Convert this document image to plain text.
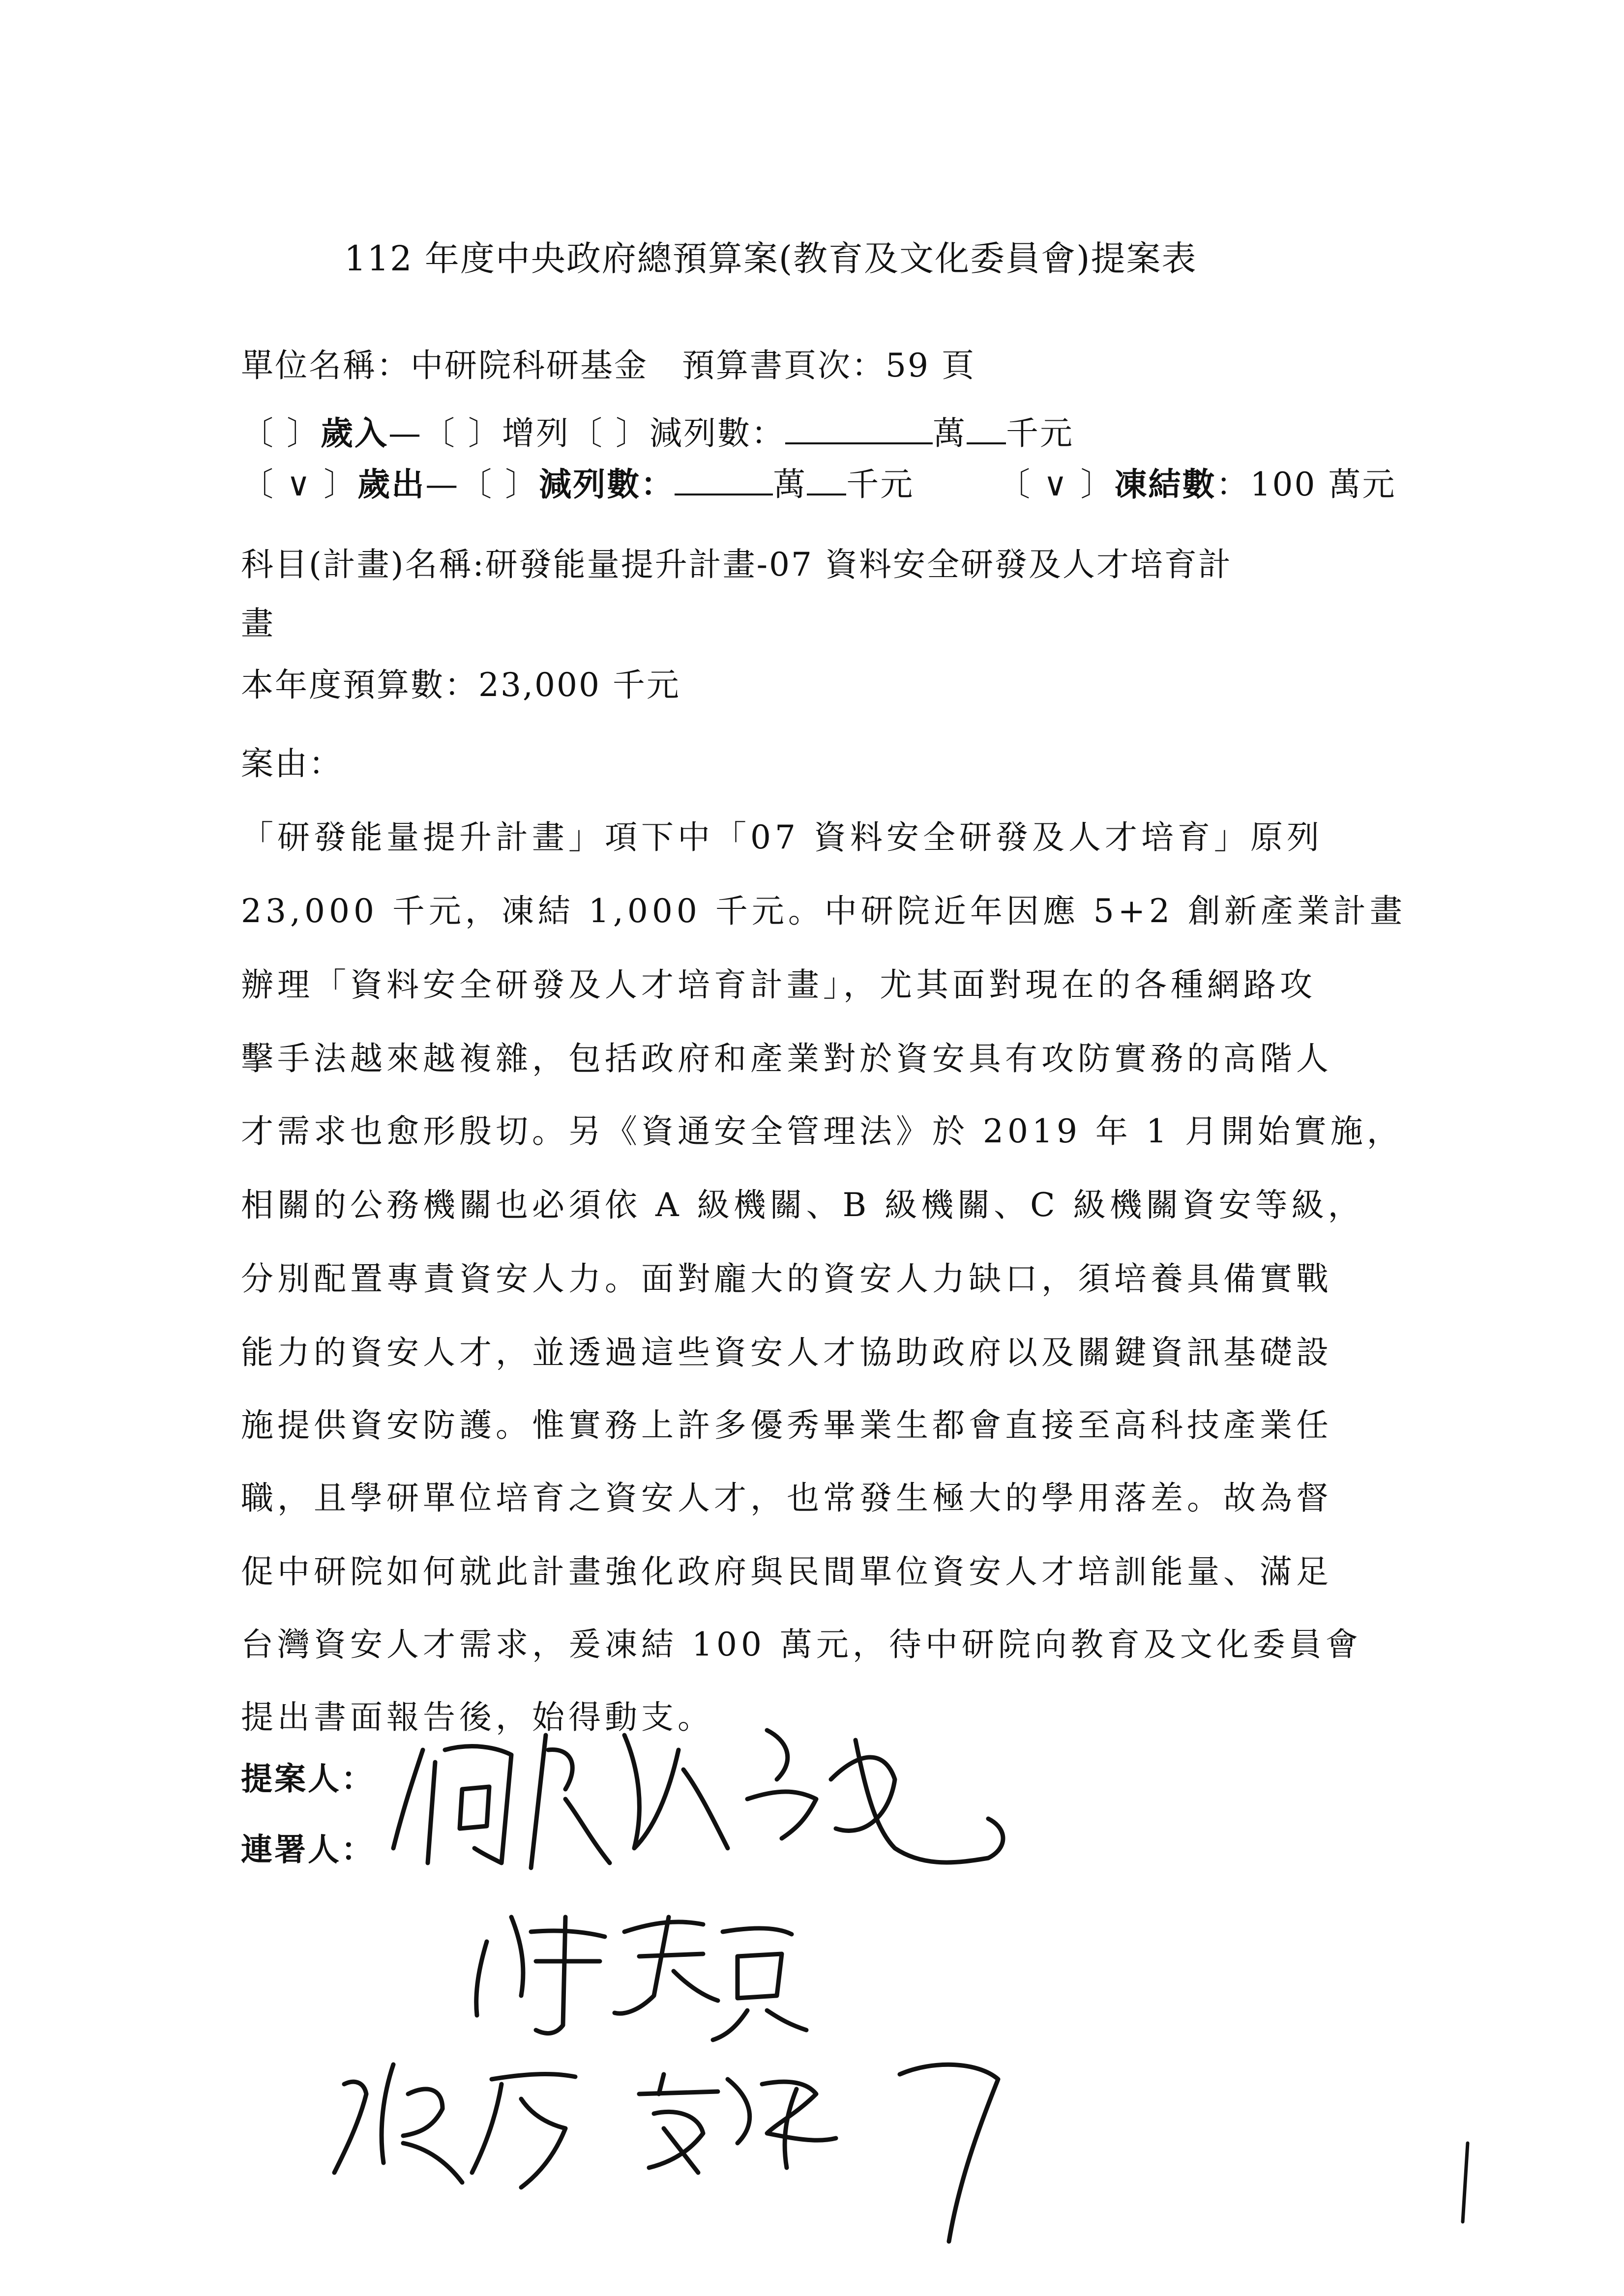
112 年度中央政府總預算案(教育及文化委員會)提案表
單位名稱：中研院科研基金　預算書頁次：59 頁
〔 〕歲入—〔 〕增列〔 〕減列數：	萬 千元
〔 ∨ 〕歲出—〔 〕減列數：	萬 千元	〔 ∨ 〕凍結數：100 萬元
科目(計畫)名稱:研發能量提升計畫-07 資料安全研發及人才培育計
畫
本年度預算數：23,000 千元
案由：
「研發能量提升計畫」項下中「07 資料安全研發及人才培育」原列
23,000 千元，凍結 1,000 千元。中研院近年因應 5+2 創新產業計畫
辦理「資料安全研發及人才培育計畫」，尤其面對現在的各種網路攻
擊手法越來越複雜，包括政府和產業對於資安具有攻防實務的高階人
才需求也愈形殷切。另《資通安全管理法》於 2019 年 1 月開始實施，
相關的公務機關也必須依 A 級機關、B 級機關、C 級機關資安等級，
分別配置專責資安人力。面對龐大的資安人力缺口，須培養具備實戰
能力的資安人才，並透過這些資安人才協助政府以及關鍵資訊基礎設
施提供資安防護。惟實務上許多優秀畢業生都會直接至高科技產業任
職，且學研單位培育之資安人才，也常發生極大的學用落差。故為督
促中研院如何就此計畫強化政府與民間單位資安人才培訓能量、滿足
台灣資安人才需求，爰凍結 100 萬元，待中研院向教育及文化委員會
提出書面報告後，始得動支。
提案人：
連署人：
